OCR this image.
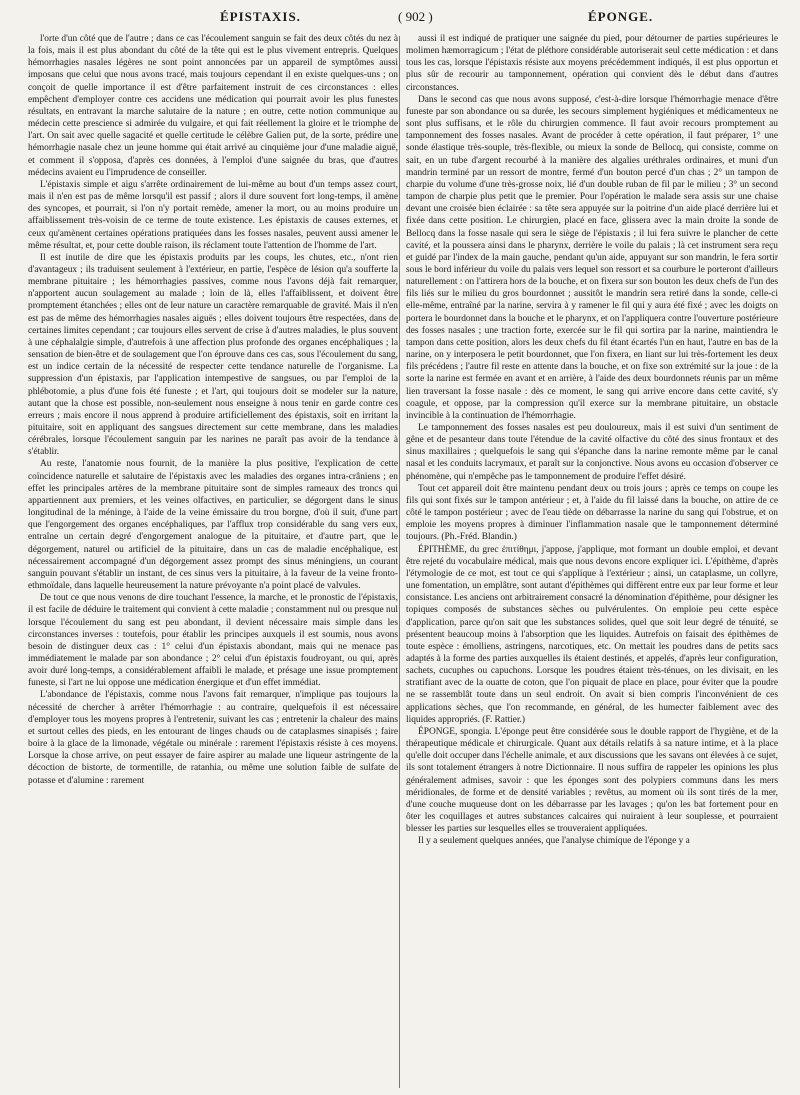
ÉPISTAXIS.	( 902 )	ÉPONGE.

l'orte d'un côté que de l'autre ; dans ce cas l'écoulement sanguin se fait des deux côtés du nez à la fois, mais il est plus abondant du côté de la tête qui est le plus vivement entrepris. Quelques hémorrhagies nasales légères ne sont point annoncées par un appareil de symptômes aussi imposans que celui que nous avons tracé, mais toujours cependant il en existe quelques-uns ; on conçoit de quelle importance il est d'être parfaitement instruit de ces circonstances : elles empêchent d'employer contre ces accidens une médication qui pourrait avoir les plus funestes résultats, en entravant la marche salutaire de la nature ; en outre, cette notion communique au médecin cette prescience si admirée du vulgaire, et qui fait réellement la gloire et le triomphe de l'art. On sait avec quelle sagacité et quelle certitude le célèbre Galien put, de la sorte, prédire une hémorrhagie nasale chez un jeune homme qui était arrivé au cinquième jour d'une maladie aiguë, et comment il s'opposa, d'après ces données, à l'emploi d'une saignée du bras, que d'autres médecins avaient eu l'imprudence de conseiller.

L'épistaxis simple et aigu s'arrête ordinairement de lui-même au bout d'un temps assez court, mais il n'en est pas de même lorsqu'il est passif ; alors il dure souvent fort long-temps, il amène des syncopes, et pourrait, si l'on n'y portait remède, amener la mort, ou au moins produire un affaiblissement très-voisin de ce terme de toute existence. Les épistaxis de causes externes, et ceux qu'amènent certaines opérations pratiquées dans les fosses nasales, peuvent aussi amener le même résultat, et, pour cette double raison, ils réclament toute l'attention de l'homme de l'art.

Il est inutile de dire que les épistaxis produits par les coups, les chutes, etc., n'ont rien d'avantageux ; ils traduisent seulement à l'extérieur, en partie, l'espèce de lésion qu'a soufferte la membrane pituitaire ; les hémorrhagies passives, comme nous l'avons déjà fait remarquer, n'apportent aucun soulagement au malade ; loin de là, elles l'affaiblissent, et doivent être promptement étanchées ; elles ont de leur nature un caractère remarquable de gravité. Mais il n'en est pas de même des hémorrhagies nasales aiguës ; elles doivent toujours être respectées, dans de certaines limites cependant ; car toujours elles servent de crise à d'autres maladies, le plus souvent à une céphalalgie simple, d'autrefois à une affection plus profonde des organes encéphaliques ; la sensation de bien-être et de soulagement que l'on éprouve dans ces cas, sous l'écoulement du sang, est un indice certain de la nécessité de respecter cette tendance naturelle de l'organisme. La suppression d'un épistaxis, par l'application intempestive de sangsues, ou par l'emploi de la phlébotomie, a plus d'une fois été funeste ; et l'art, qui toujours doit se modeler sur la nature, autant que la chose est possible, non-seulement nous enseigne à nous tenir en garde contre ces erreurs ; mais encore il nous apprend à produire artificiellement des épistaxis, soit en irritant la pituitaire, soit en appliquant des sangsues directement sur cette membrane, dans les maladies cérébrales, lorsque l'écoulement sanguin par les narines ne paraît pas avoir de la tendance à s'établir.

Au reste, l'anatomie nous fournit, de la manière la plus positive, l'explication de cette coïncidence naturelle et salutaire de l'épistaxis avec les maladies des organes intra-crâniens ; en effet les principales artères de la membrane pituitaire sont de simples rameaux des troncs qui appartiennent aux premiers, et les veines olfactives, en particulier, se dégorgent dans le sinus longitudinal de la méninge, à l'aide de la veine émissaire du trou borgne, d'où il suit, d'une part que l'engorgement des organes encéphaliques, par l'afflux trop considérable du sang vers eux, entraîne un certain degré d'engorgement analogue de la pituitaire, et d'autre part, que le dégorgement, naturel ou artificiel de la pituitaire, dans un cas de maladie encéphalique, est nécessairement accompagné d'un dégorgement assez prompt des sinus méningiens, un courant sanguin pouvant s'établir un instant, de ces sinus vers la pituitaire, à la faveur de la veine fronto-ethmoïdale, dans laquelle heureusement la nature prévoyante n'a point placé de valvules.

De tout ce que nous venons de dire touchant l'essence, la marche, et le pronostic de l'épistaxis, il est facile de déduire le traitement qui convient à cette maladie ; constamment nul ou presque nul lorsque l'écoulement du sang est peu abondant, il devient nécessaire mais simple dans les circonstances inverses : toutefois, pour établir les principes auxquels il est soumis, nous avons besoin de distinguer deux cas : 1° celui d'un épistaxis abondant, mais qui ne menace pas immédiatement le malade par son abondance ; 2° celui d'un épistaxis foudroyant, ou qui, après avoir duré long-temps, a considérablement affaibli le malade, et présage une issue promptement funeste, si l'art ne lui oppose une médication énergique et d'un effet immédiat.

L'abondance de l'épistaxis, comme nous l'avons fait remarquer, n'implique pas toujours la nécessité de chercher à arrêter l'hémorrhagie : au contraire, quelquefois il est nécessaire d'employer tous les moyens propres à l'entretenir, suivant les cas ; entretenir la chaleur des mains et surtout celles des pieds, en les entourant de linges chauds ou de cataplasmes sinapisés ; faire boire à la glace de la limonade, végétale ou minérale : rarement l'épistaxis résiste à ces moyens. Lorsque la chose arrive, on peut essayer de faire aspirer au malade une liqueur astringente de la décoction de bistorte, de tormentille, de ratanhia, ou même une solution faible de sulfate de potasse et d'alumine : rarement

aussi il est indiqué de pratiquer une saignée du pied, pour détourner de parties supérieures le molimen hæmorragicum ; l'état de pléthore considérable autoriserait seul cette médication : et dans tous les cas, lorsque l'épistaxis résiste aux moyens précédemment indiqués, il est plus opportun et plus sûr de recourir au tamponnement, opération qui convient dès le début dans d'autres circonstances.

Dans le second cas que nous avons supposé, c'est-à-dire lorsque l'hémorrhagie menace d'être funeste par son abondance ou sa durée, les secours simplement hygiéniques et médicamenteux ne sont plus suffisans, et le rôle du chirurgien commence. Il faut avoir recours promptement au tamponnement des fosses nasales. Avant de procéder à cette opération, il faut préparer, 1° une sonde élastique très-souple, très-flexible, ou mieux la sonde de Bellocq, qui consiste, comme on sait, en un tube d'argent recourbé à la manière des algalies uréthrales ordinaires, et muni d'un mandrin terminé par un ressort de montre, fermé d'un bouton percé d'un chas ; 2° un tampon de charpie du volume d'une très-grosse noix, lié d'un double ruban de fil par le milieu ; 3° un second tampon de charpie plus petit que le premier. Pour l'opération le malade sera assis sur une chaise devant une croisée bien éclairée : sa tête sera appuyée sur la poitrine d'un aide placé derrière lui et fixée dans cette position. Le chirurgien, placé en face, glissera avec la main droite la sonde de Bellocq dans la fosse nasale qui sera le siège de l'épistaxis ; il lui fera suivre le plancher de cette cavité, et la poussera ainsi dans le pharynx, derrière le voile du palais ; là cet instrument sera reçu et guidé par l'index de la main gauche, pendant qu'un aide, appuyant sur son mandrin, le fera sortir sous le bord inférieur du voile du palais vers lequel son ressort et sa courbure le porteront d'ailleurs naturellement : on l'attirera hors de la bouche, et on fixera sur son bouton les deux chefs de l'un des fils liés sur le milieu du gros bourdonnet ; aussitôt le mandrin sera retiré dans la sonde, celle-ci elle-même, entraîné par la narine, servira à y ramener le fil qui y aura été fixé ; avec les doigts on portera le bourdonnet dans la bouche et le pharynx, et on l'appliquera contre l'ouverture postérieure des fosses nasales ; une traction forte, exercée sur le fil qui sortira par la narine, maintiendra le tampon dans cette position, alors les deux chefs du fil étant écartés l'un en haut, l'autre en bas de la narine, on y interposera le petit bourdonnet, que l'on fixera, en liant sur lui très-fortement les deux fils précédens ; l'autre fil reste en attente dans la bouche, et on fixe son extrémité sur la joue : de la sorte la narine est fermée en avant et en arrière, à l'aide des deux bourdonnets réunis par un même lien traversant la fosse nasale : dès ce moment, le sang qui arrive encore dans cette cavité, s'y coagule, et oppose, par la compression qu'il exerce sur la membrane pituitaire, un obstacle invincible à la continuation de l'hémorrhagie.

Le tamponnement des fosses nasales est peu douloureux, mais il est suivi d'un sentiment de gêne et de pesanteur dans toute l'étendue de la cavité olfactive du côté des sinus frontaux et des sinus maxillaires ; quelquefois le sang qui s'épanche dans la narine remonte même par le canal nasal et les conduits lacrymaux, et paraît sur la conjonctive. Nous avons eu occasion d'observer ce phénomène, qui n'empêche pas le tamponnement de produire l'effet désiré.

Tout cet appareil doit être maintenu pendant deux ou trois jours ; après ce temps on coupe les fils qui sont fixés sur le tampon antérieur ; et, à l'aide du fil laissé dans la bouche, on attire de ce côté le tampon postérieur ; avec de l'eau tiède on débarrasse la narine du sang qui l'obstrue, et on emploie les moyens propres à diminuer l'inflammation nasale que le tamponnement déterminé toujours. (Ph.-Fréd. Blandin.)

ÉPITHÈME, du grec ἐπιτίθημι, j'appose, j'applique, mot formant un double emploi, et devant être rejeté du vocabulaire médical, mais que nous devons encore expliquer ici. L'épithème, d'après l'étymologie de ce mot, est tout ce qui s'applique à l'extérieur ; ainsi, un cataplasme, un collyre, une fomentation, un emplâtre, sont autant d'épithèmes qui diffèrent entre eux par leur forme et leur consistance. Les anciens ont arbitrairement consacré la dénomination d'épithème, pour désigner les topiques composés de substances sèches ou pulvérulentes. On emploie peu cette espèce d'application, parce qu'on sait que les substances solides, quel que soit leur degré de ténuité, se présentent beaucoup moins à l'absorption que les liquides. Autrefois on faisait des épithèmes de toute espèce : émolliens, astringens, narcotiques, etc. On mettait les poudres dans de petits sacs adaptés à la forme des parties auxquelles ils étaient destinés, et appelés, d'après leur configuration, sachets, cucuphes ou capuchons. Lorsque les poudres étaient très-ténues, on les divisait, en les stratifiant avec de la ouatte de coton, que l'on piquait de place en place, pour éviter que la poudre ne se rassemblât toute dans un seul endroit. On avait si bien compris l'inconvénient de ces applications sèches, que l'on recommande, en général, de les humecter faiblement avec des liquides appropriés. (F. Rattier.)

ÉPONGE, spongia. L'éponge peut être considérée sous le double rapport de l'hygiène, et de la thérapeutique médicale et chirurgicale. Quant aux détails relatifs à sa nature intime, et à la place qu'elle doit occuper dans l'échelle animale, et aux discussions que les savans ont élevées à ce sujet, ils sont totalement étrangers à notre Dictionnaire. Il nous suffira de rappeler les opinions les plus généralement admises, savoir : que les éponges sont des polypiers communs dans les mers méridionales, de forme et de densité variables ; revêtus, au moment où ils sont tirés de la mer, d'une couche muqueuse dont on les débarrasse par les lavages ; qu'on les bat fortement pour en ôter les coquillages et autres substances calcaires qui nuiraient à leur souplesse, et pourraient blesser les parties sur lesquelles elles se trouveraient appliquées.

Il y a seulement quelques années, que l'analyse chimique de l'éponge y a
